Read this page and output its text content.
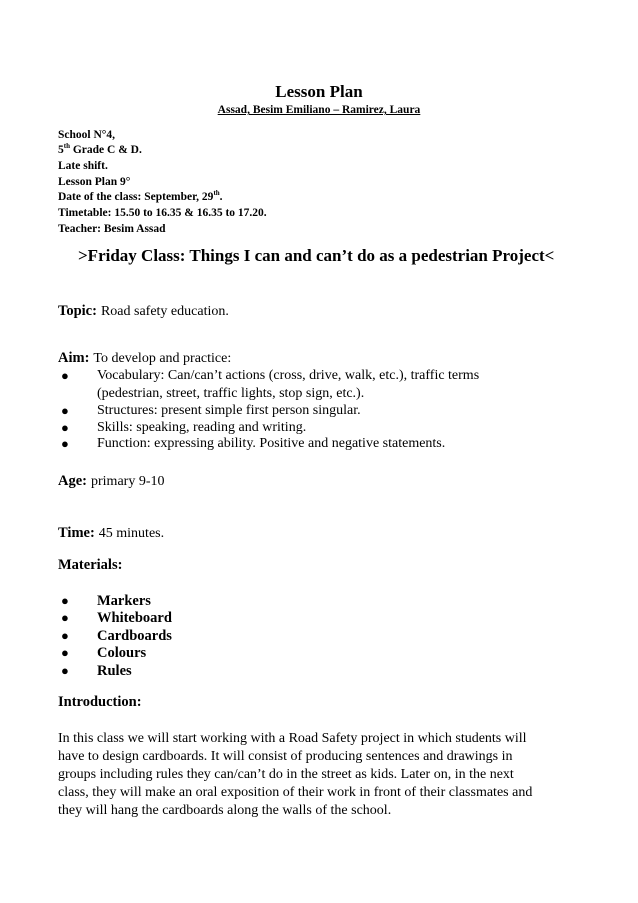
Lesson Plan
Assad, Besim Emiliano – Ramirez, Laura
School N°4,
5th Grade C & D.
Late shift.
Lesson Plan 9°
Date of the class: September, 29th.
Timetable: 15.50 to 16.35 & 16.35 to 17.20.
Teacher: Besim Assad
>Friday Class: Things I can and can’t do as a pedestrian Project<
Topic: Road safety education.
Aim: To develop and practice:
● Vocabulary: Can/can’t actions (cross, drive, walk, etc.), traffic terms
(pedestrian, street, traffic lights, stop sign, etc.).
● Structures: present simple first person singular.
● Skills: speaking, reading and writing.
● Function: expressing ability. Positive and negative statements.
Age: primary 9-10
Time: 45 minutes.
Materials:
● Markers
● Whiteboard
● Cardboards
● Colours
● Rules
Introduction:
In this class we will start working with a Road Safety project in which students will
have to design cardboards. It will consist of producing sentences and drawings in
groups including rules they can/can’t do in the street as kids. Later on, in the next
class, they will make an oral exposition of their work in front of their classmates and
they will hang the cardboards along the walls of the school.
